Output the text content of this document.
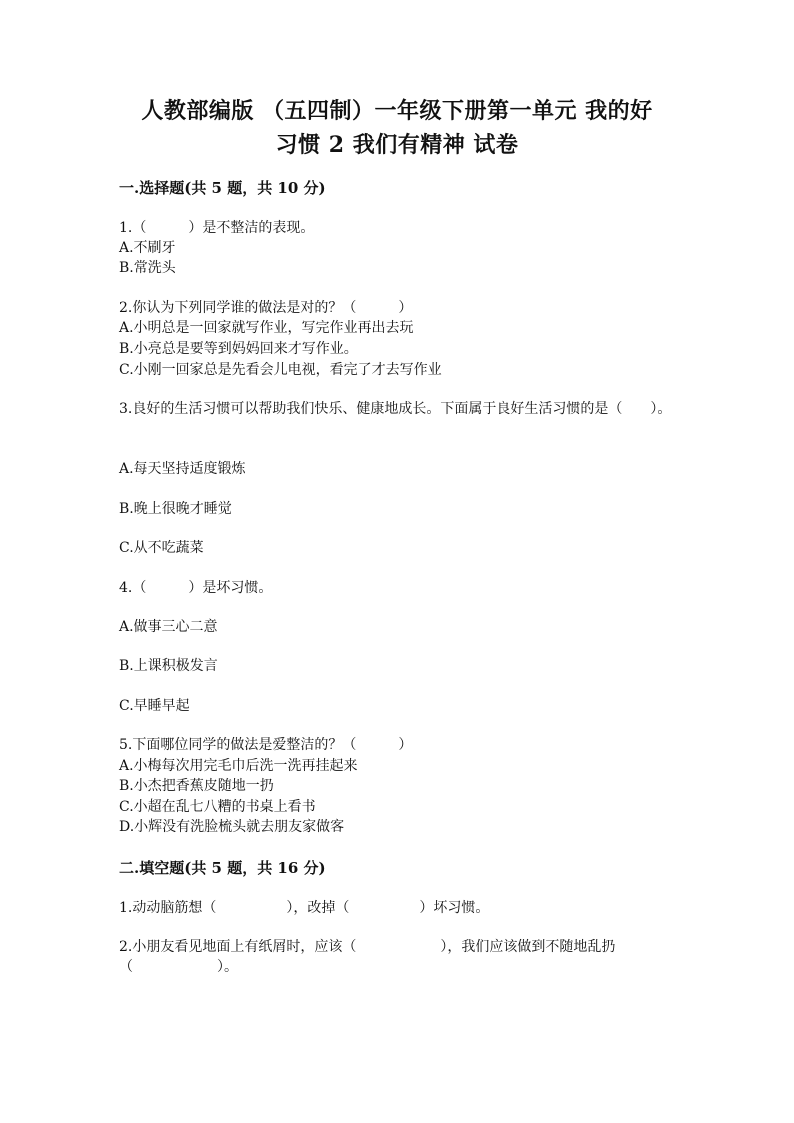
人教部编版 （五四制）一年级下册第一单元 我的好
习惯 2 我们有精神 试卷
一.选择题(共 5 题，共 10 分)
1.（　　　）是不整洁的表现。
A.不刷牙
B.常洗头
2.你认为下列同学谁的做法是对的？（　　　）
A.小明总是一回家就写作业，写完作业再出去玩
B.小亮总是要等到妈妈回来才写作业。
C.小刚一回家总是先看会儿电视，看完了才去写作业
3.良好的生活习惯可以帮助我们快乐、健康地成长。下面属于良好生活习惯的是（　　）。
A.每天坚持适度锻炼
B.晚上很晚才睡觉
C.从不吃蔬菜
4.（　　　）是坏习惯。
A.做事三心二意
B.上课积极发言
C.早睡早起
5.下面哪位同学的做法是爱整洁的？（　　　）
A.小梅每次用完毛巾后洗一洗再挂起来
B.小杰把香蕉皮随地一扔
C.小超在乱七八糟的书桌上看书
D.小辉没有洗脸梳头就去朋友家做客
二.填空题(共 5 题，共 16 分)
1.动动脑筋想（　　　　　），改掉（　　　　　）坏习惯。
2.小朋友看见地面上有纸屑时，应该（　　　　　　），我们应该做到不随地乱扔（　　　　　　）。
